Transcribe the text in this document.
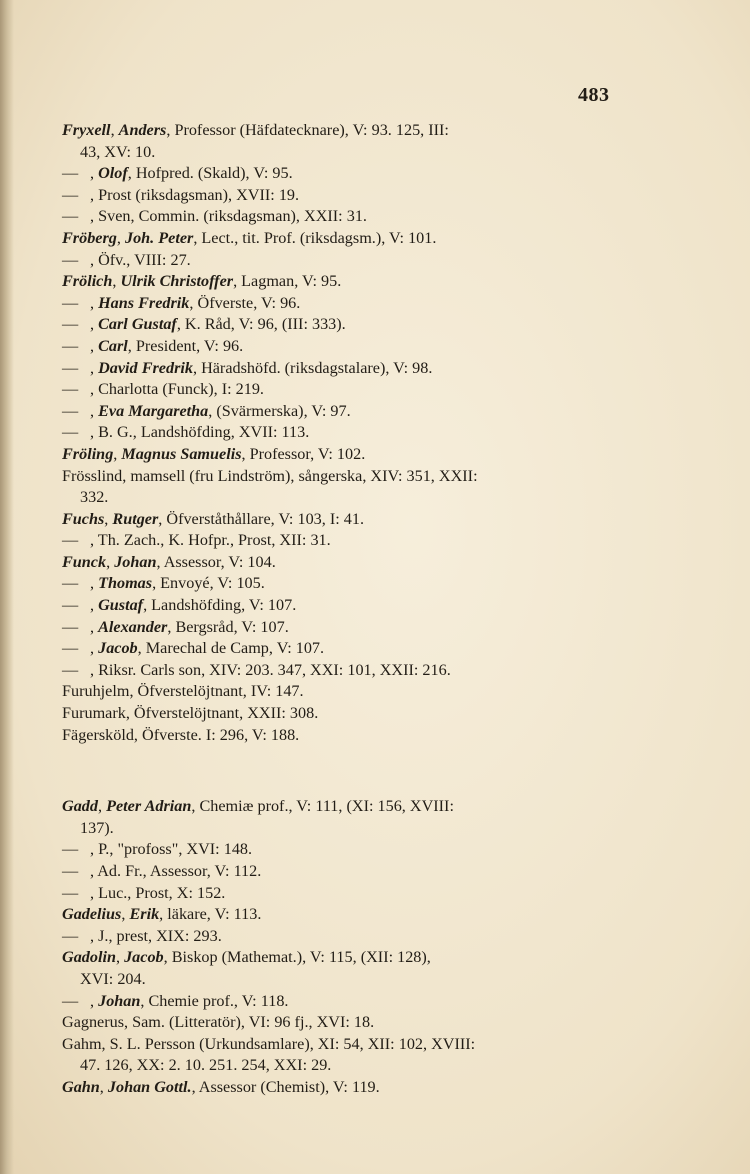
483
Fryxell, Anders, Professor (Häfdatecknare), V: 93. 125, III:
43, XV: 10.
— , Olof, Hofpred. (Skald), V: 95.
— , Prost (riksdagsman), XVII: 19.
— , Sven, Commin. (riksdagsman), XXII: 31.
Fröberg, Joh. Peter, Lect., tit. Prof. (riksdagsm.), V: 101.
— , Öfv., VIII: 27.
Frölich, Ulrik Christoffer, Lagman, V: 95.
— , Hans Fredrik, Öfverste, V: 96.
— , Carl Gustaf, K. Råd, V: 96, (III: 333).
— , Carl, President, V: 96.
— , David Fredrik, Häradshöfd. (riksdagstalare), V: 98.
— , Charlotta (Funck), I: 219.
— , Eva Margaretha, (Svärmerska), V: 97.
— , B. G., Landshöfding, XVII: 113.
Fröling, Magnus Samuelis, Professor, V: 102.
Frösslind, mamsell (fru Lindström), sångerska, XIV: 351, XXII:
332.
Fuchs, Rutger, Öfverståthållare, V: 103, I: 41.
— , Th. Zach., K. Hofpr., Prost, XII: 31.
Funck, Johan, Assessor, V: 104.
— , Thomas, Envoyé, V: 105.
— , Gustaf, Landshöfding, V: 107.
— , Alexander, Bergsråd, V: 107.
— , Jacob, Marechal de Camp, V: 107.
— , Riksr. Carls son, XIV: 203. 347, XXI: 101, XXII: 216.
Furuhjelm, Öfverstelöjtnant, IV: 147.
Furumark, Öfverstelöjtnant, XXII: 308.
Fägersköld, Öfverste. I: 296, V: 188.
Gadd, Peter Adrian, Chemiæ prof., V: 111, (XI: 156, XVIII:
137).
— , P., "profoss", XVI: 148.
— , Ad. Fr., Assessor, V: 112.
— , Luc., Prost, X: 152.
Gadelius, Erik, läkare, V: 113.
— , J., prest, XIX: 293.
Gadolin, Jacob, Biskop (Mathemat.), V: 115, (XII: 128),
XVI: 204.
— , Johan, Chemie prof., V: 118.
Gagnerus, Sam. (Litteratör), VI: 96 fj., XVI: 18.
Gahm, S. L. Persson (Urkundsamlare), XI: 54, XII: 102, XVIII:
47. 126, XX: 2. 10. 251. 254, XXI: 29.
Gahn, Johan Gottl., Assessor (Chemist), V: 119.
